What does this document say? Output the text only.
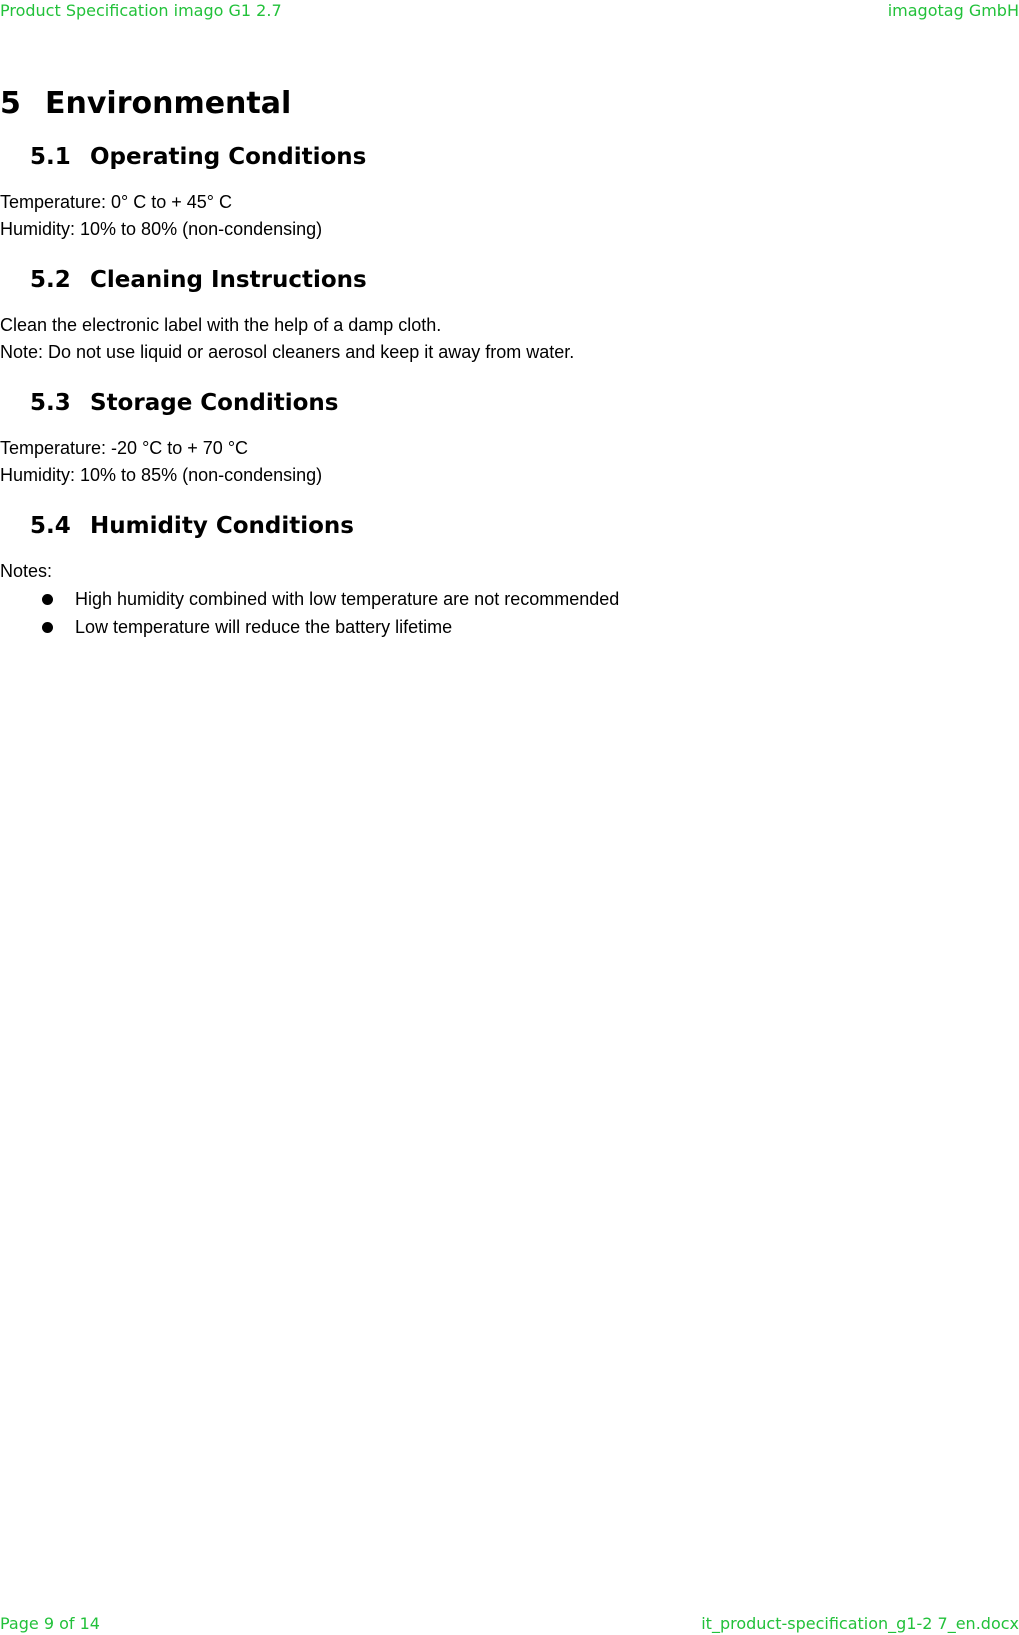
Product Specification imago G1 2.7	imagotag GmbH
5 Environmental
5.1 Operating Conditions
Temperature: 0° C to + 45° C
Humidity: 10% to 80% (non-condensing)
5.2 Cleaning Instructions
Clean the electronic label with the help of a damp cloth.
Note: Do not use liquid or aerosol cleaners and keep it away from water.
5.3 Storage Conditions
Temperature: -20 °C to + 70 °C
Humidity: 10% to 85% (non-condensing)
5.4 Humidity Conditions
Notes:
High humidity combined with low temperature are not recommended
Low temperature will reduce the battery lifetime
Page 9 of 14	it_product-specification_g1-2 7_en.docx
